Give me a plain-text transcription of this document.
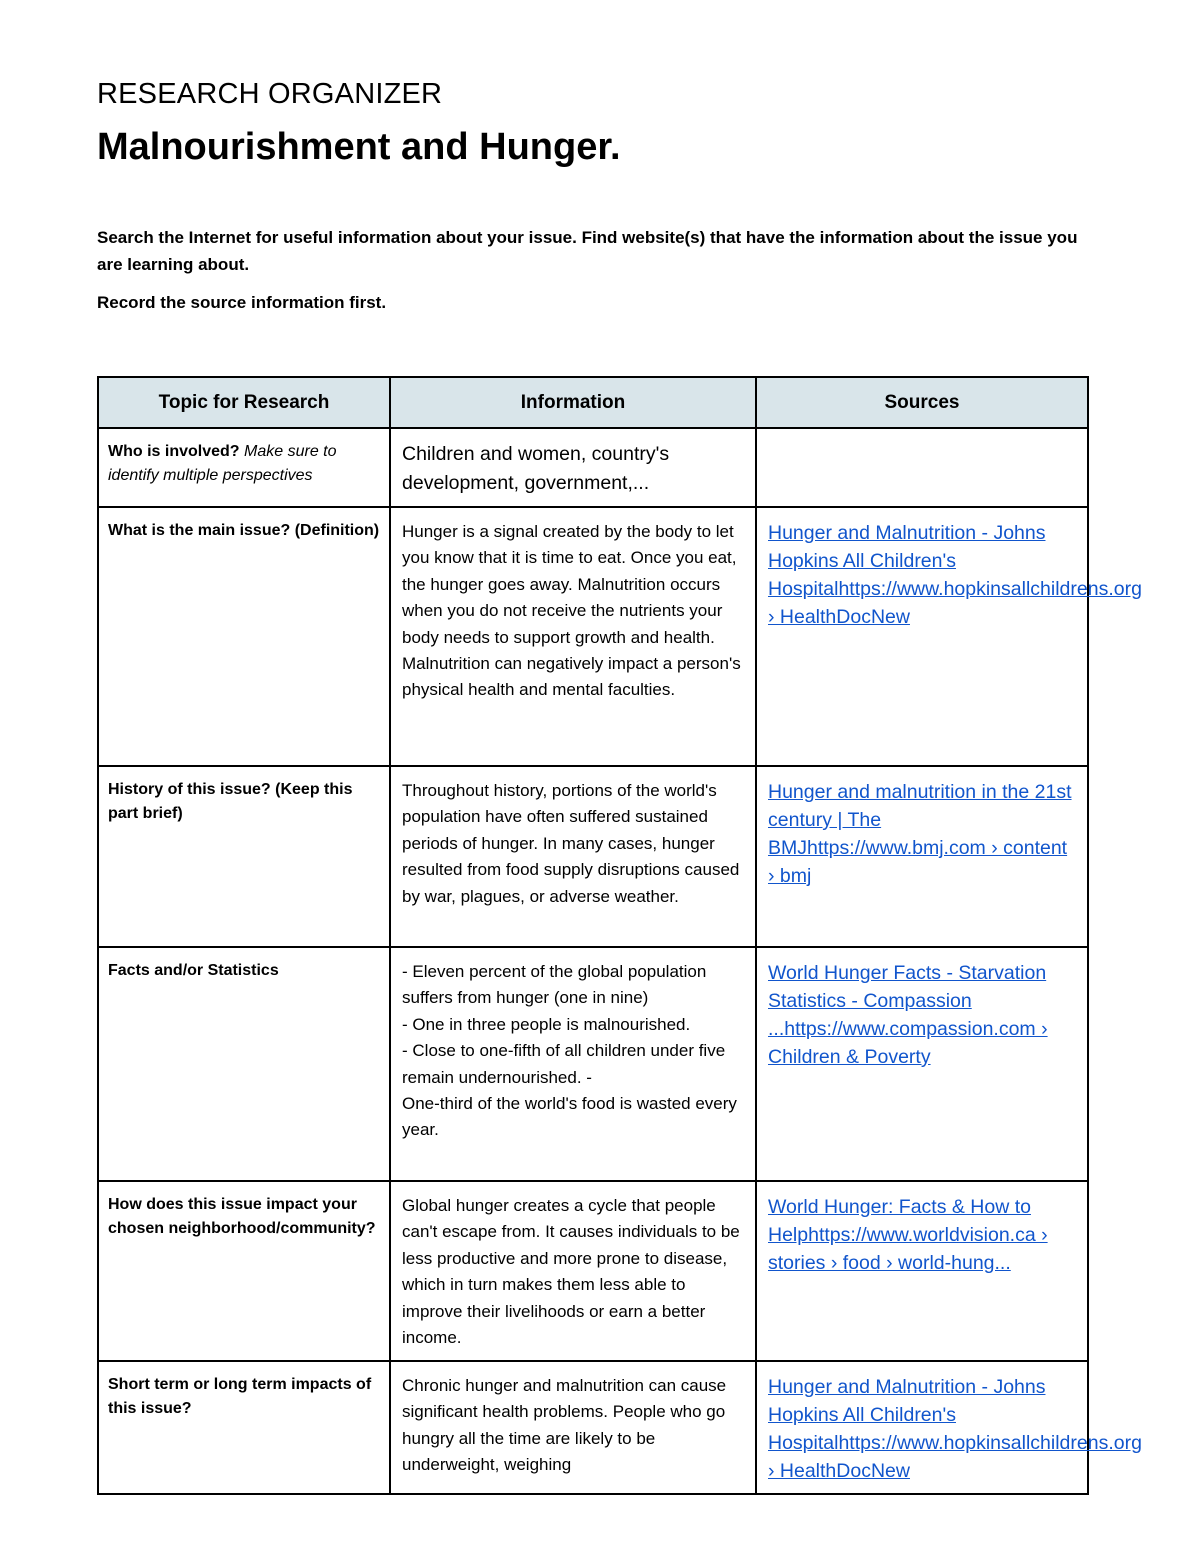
RESEARCH ORGANIZER
Malnourishment and Hunger.

Search the Internet for useful information about your issue. Find website(s) that have the information about the issue you are learning about.

Record the source information first.

Topic for Research	Information	Sources
Who is involved? Make sure to identify multiple perspectives	Children and women, country's development, government,...	
What is the main issue? (Definition)	Hunger is a signal created by the body to let you know that it is time to eat. Once you eat, the hunger goes away. Malnutrition occurs when you do not receive the nutrients your body needs to support growth and health. Malnutrition can negatively impact a person's physical health and mental faculties.	Hunger and Malnutrition - Johns Hopkins All Children's Hospitalhttps://www.hopkinsallchildrens.org › HealthDocNew
History of this issue? (Keep this part brief)	Throughout history, portions of the world's population have often suffered sustained periods of hunger. In many cases, hunger resulted from food supply disruptions caused by war, plagues, or adverse weather.	Hunger and malnutrition in the 21st century | The BMJhttps://www.bmj.com › content › bmj
Facts and/or Statistics	- Eleven percent of the global population suffers from hunger (one in nine)
- One in three people is malnourished.
- Close to one-fifth of all children under five remain undernourished. -
One-third of the world's food is wasted every year.	World Hunger Facts - Starvation Statistics - Compassion ...https://www.compassion.com › Children & Poverty
How does this issue impact your chosen neighborhood/community?	Global hunger creates a cycle that people can't escape from. It causes individuals to be less productive and more prone to disease, which in turn makes them less able to improve their livelihoods or earn a better income.	World Hunger: Facts & How to Helphttps://www.worldvision.ca › stories › food › world-hung...
Short term or long term impacts of this issue?	Chronic hunger and malnutrition can cause significant health problems. People who go hungry all the time are likely to be underweight, weighing	Hunger and Malnutrition - Johns Hopkins All Children's Hospitalhttps://www.hopkinsallchildrens.org › HealthDocNew
